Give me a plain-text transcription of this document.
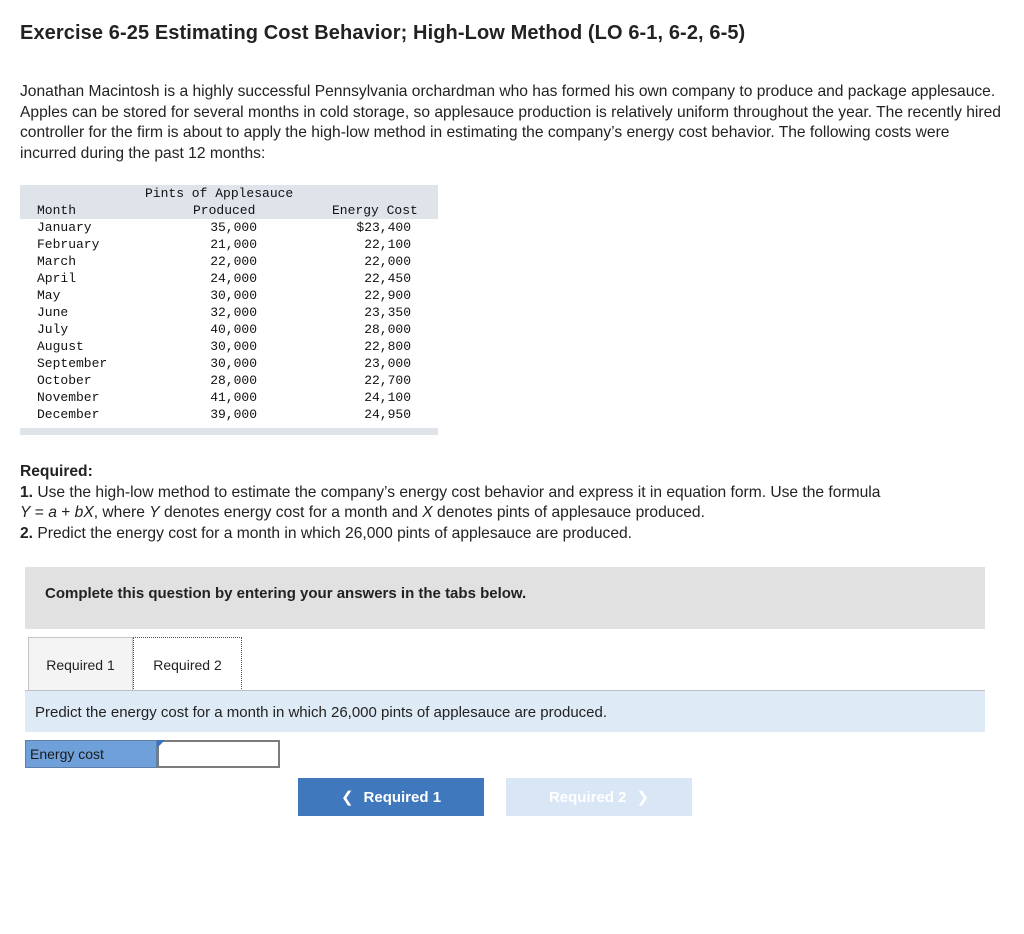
Exercise 6-25 Estimating Cost Behavior; High-Low Method (LO 6-1, 6-2, 6-5)

Jonathan Macintosh is a highly successful Pennsylvania orchardman who has formed his own company to produce and package applesauce. Apples can be stored for several months in cold storage, so applesauce production is relatively uniform throughout the year. The recently hired controller for the firm is about to apply the high-low method in estimating the company’s energy cost behavior. The following costs were incurred during the past 12 months:

Pints of Applesauce
Month	Produced	Energy Cost
January	35,000	$23,400
February	21,000	22,100
March	22,000	22,000
April	24,000	22,450
May	30,000	22,900
June	32,000	23,350
July	40,000	28,000
August	30,000	22,800
September	30,000	23,000
October	28,000	22,700
November	41,000	24,100
December	39,000	24,950

Required:

1. Use the high-low method to estimate the company’s energy cost behavior and express it in equation form. Use the formula
Y = a + bX, where Y denotes energy cost for a month and X denotes pints of applesauce produced.

2. Predict the energy cost for a month in which 26,000 pints of applesauce are produced.

Complete this question by entering your answers in the tabs below.
Required 1	Required 2
Predict the energy cost for a month in which 26,000 pints of applesauce are produced.
Energy cost
❮ Required 1	Required 2 ❯
